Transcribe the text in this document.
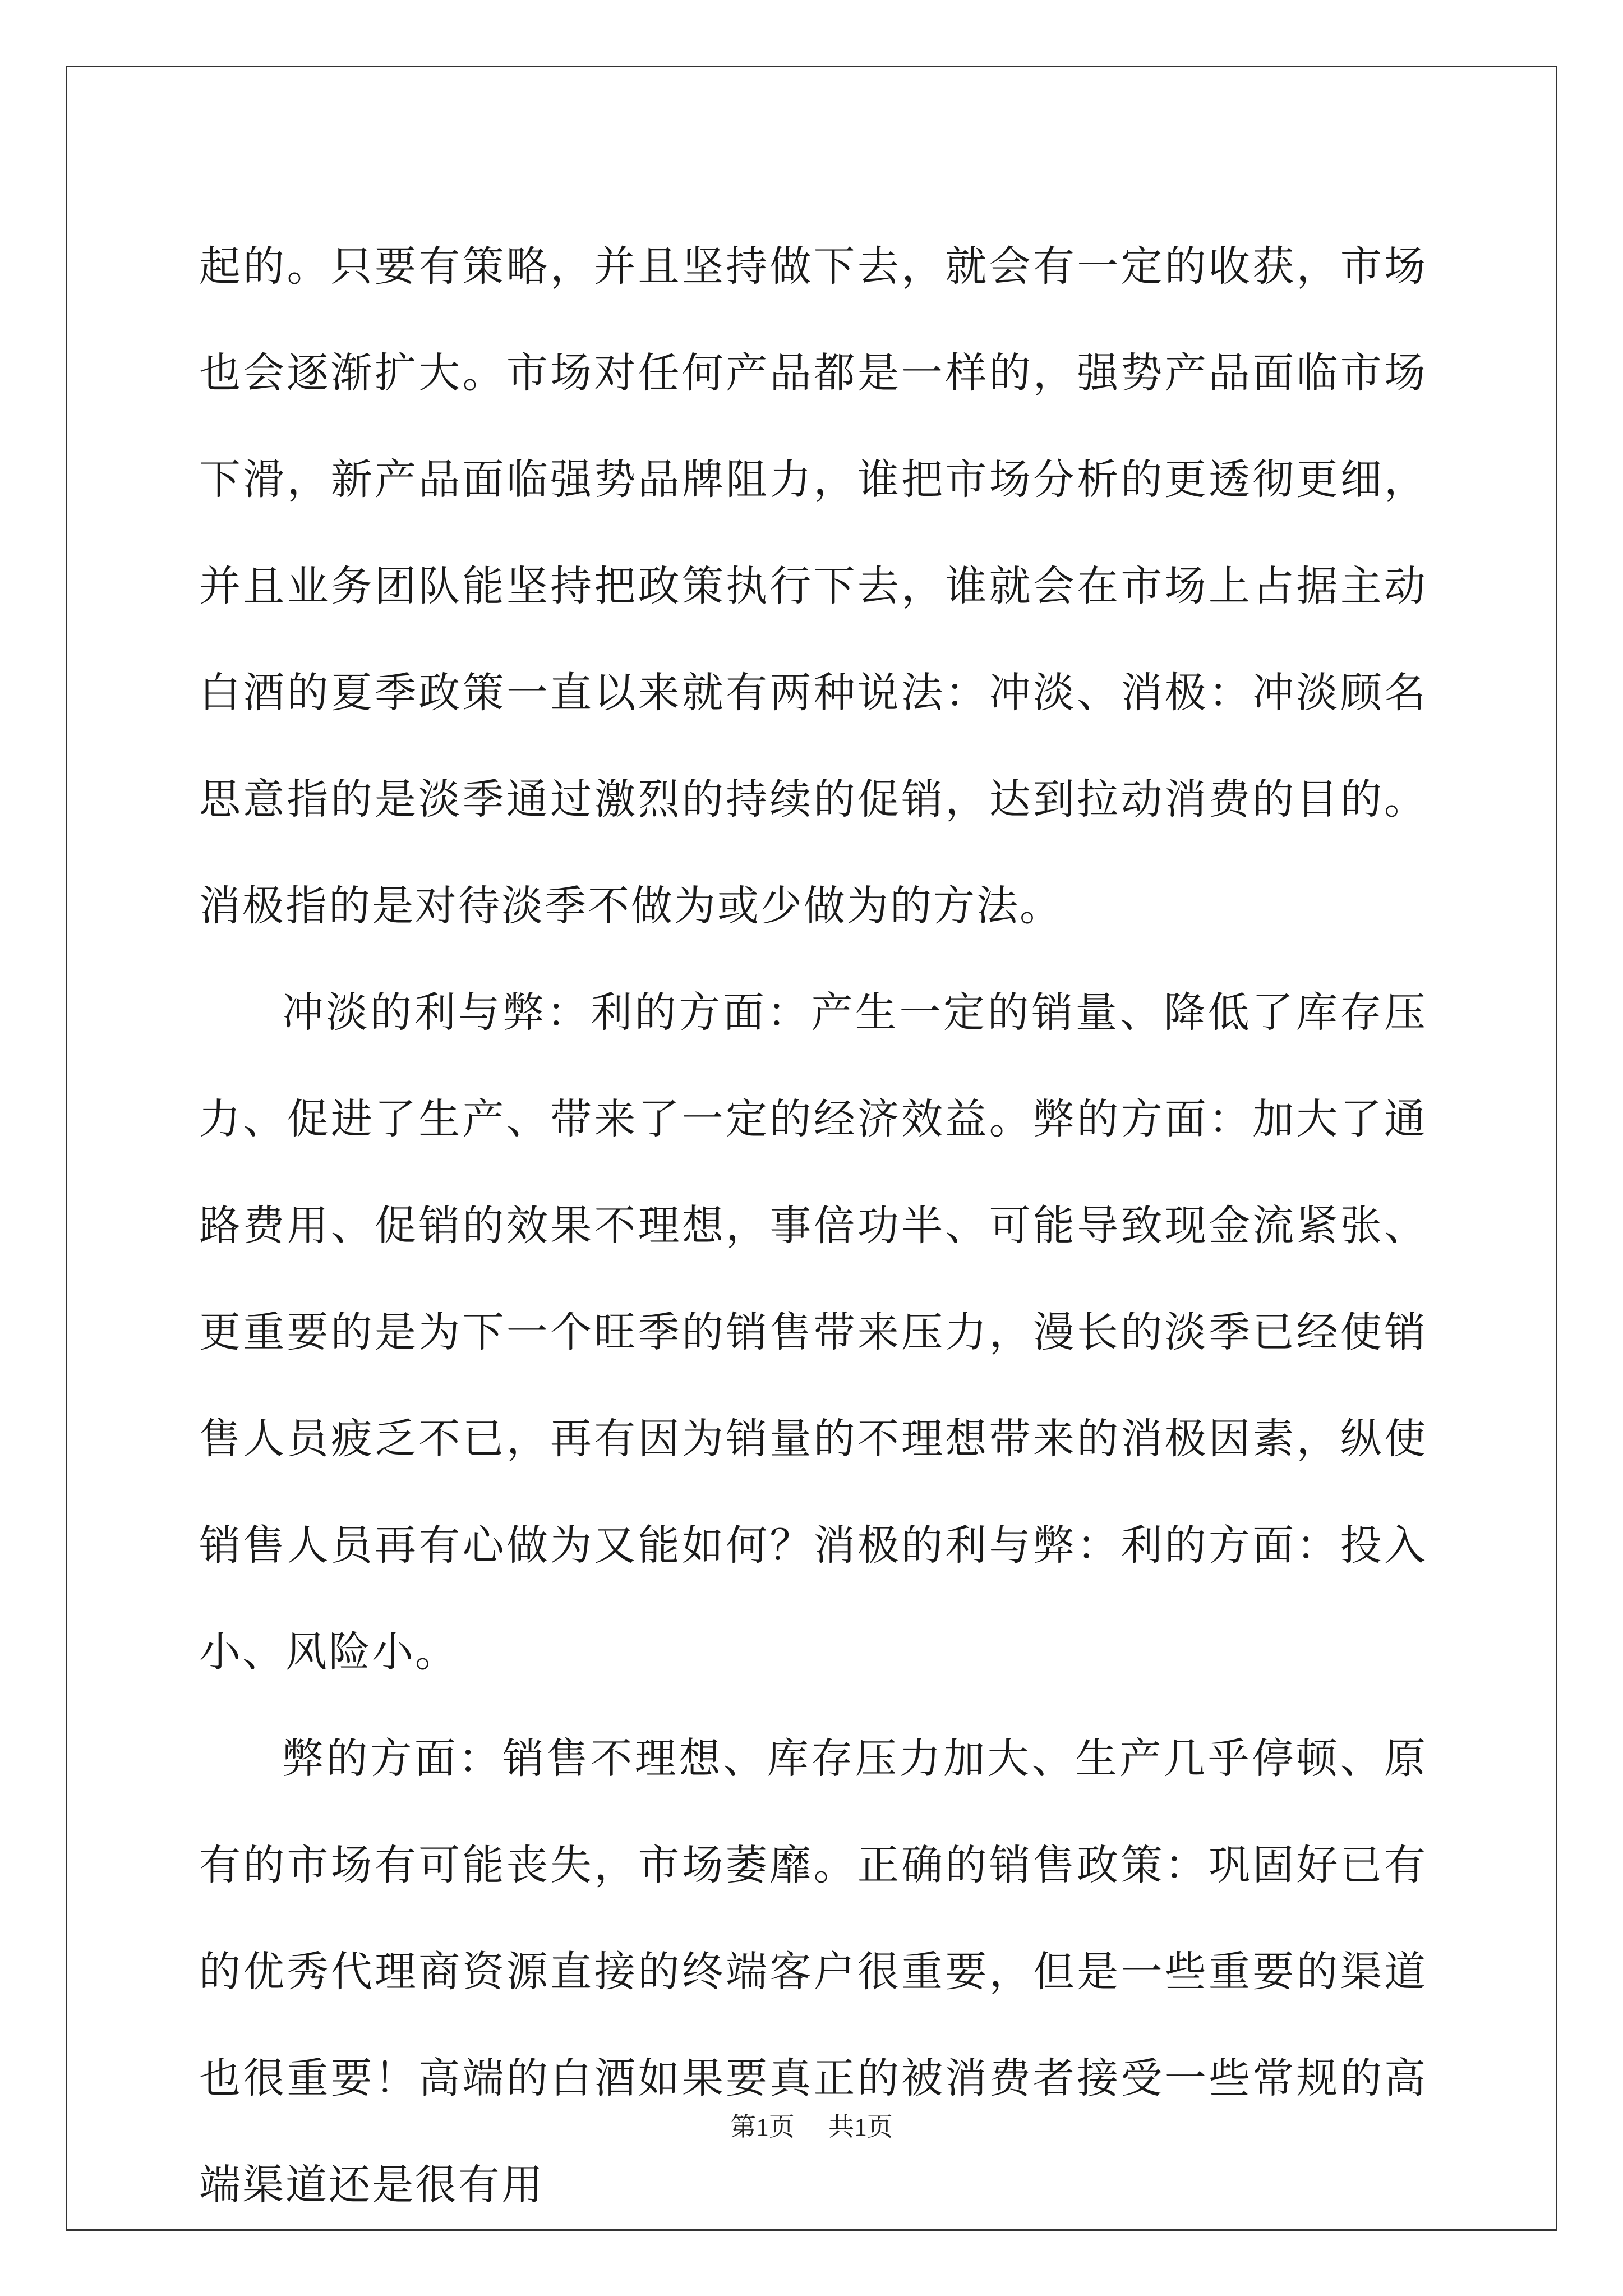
起的。只要有策略，并且坚持做下去，就会有一定的收获，市场也会逐渐扩大。市场对任何产品都是一样的，强势产品面临市场下滑，新产品面临强势品牌阻力，谁把市场分析的更透彻更细，并且业务团队能坚持把政策执行下去，谁就会在市场上占据主动白酒的夏季政策一直以来就有两种说法：冲淡、消极：冲淡顾名思意指的是淡季通过激烈的持续的促销，达到拉动消费的目的。消极指的是对待淡季不做为或少做为的方法。

冲淡的利与弊：利的方面：产生一定的销量、降低了库存压力、促进了生产、带来了一定的经济效益。弊的方面：加大了通路费用、促销的效果不理想，事倍功半、可能导致现金流紧张、更重要的是为下一个旺季的销售带来压力，漫长的淡季已经使销售人员疲乏不已，再有因为销量的不理想带来的消极因素，纵使销售人员再有心做为又能如何？消极的利与弊：利的方面：投入小、风险小。

弊的方面：销售不理想、库存压力加大、生产几乎停顿、原有的市场有可能丧失，市场萎靡。正确的销售政策：巩固好已有的优秀代理商资源直接的终端客户很重要，但是一些重要的渠道也很重要！高端的白酒如果要真正的被消费者接受一些常规的高端渠道还是很有用

第1页 共1页
